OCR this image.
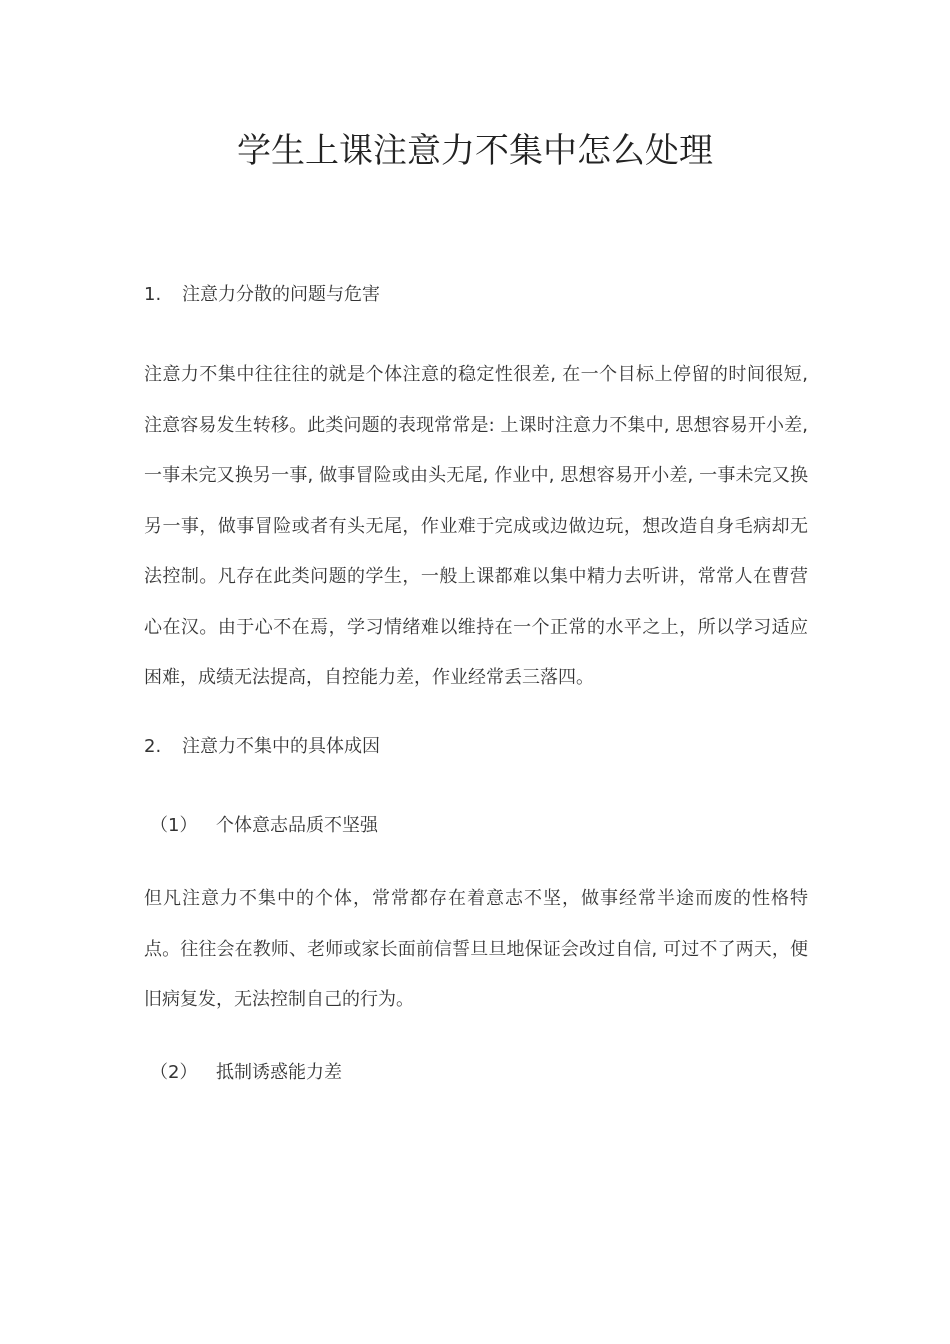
学生上课注意力不集中怎么处理
1. 注意力分散的问题与危害

注意力不集中往往往的就是个体注意的稳定性很差, 在一个目标上停留的时间很短, 注意容易发生转移。此类问题的表现常常是: 上课时注意力不集中, 思想容易开小差, 一事未完又换另一事, 做事冒险或由头无尾, 作业中, 思想容易开小差, 一事未完又换另一事，做事冒险或者有头无尾，作业难于完成或边做边玩，想改造自身毛病却无法控制。凡存在此类问题的学生，一般上课都难以集中精力去听讲，常常人在曹营心在汉。由于心不在焉，学习情绪难以维持在一个正常的水平之上，所以学习适应困难，成绩无法提高，自控能力差，作业经常丢三落四。

2. 注意力不集中的具体成因
（1） 个体意志品质不坚强

但凡注意力不集中的个体，常常都存在着意志不坚，做事经常半途而废的性格特点。往往会在教师、老师或家长面前信誓旦旦地保证会改过自信, 可过不了两天，便旧病复发，无法控制自己的行为。

（2） 抵制诱惑能力差
